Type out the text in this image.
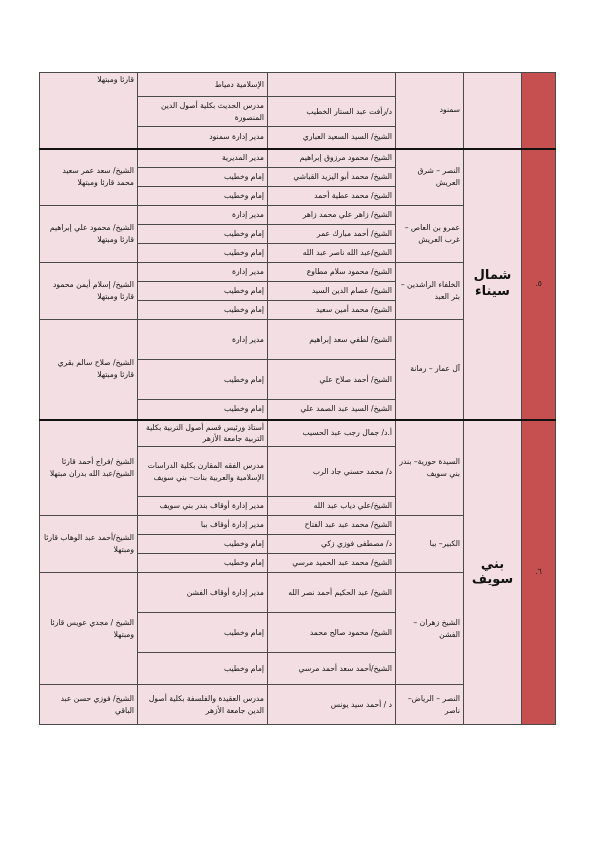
		سمنود		الإسلامية دمياط	قارئا ومبتهلا
			د/رأفت عبد الستار الخطيب	مدرس الحديث بكلية أصول الدين المنصورة	
			الشيخ/ السيد السعيد العباري	مدير إدارة سمنود	
٥.	شمال سيناء	النصر – شرق العريش	الشيخ/ محمود مرزوق إبراهيم	مدير المديرية	الشيخ/ سعد عمر سعيد محمد قارئا ومبتهلا
			الشيخ/ محمد أبو اليزيد القباشي	إمام وخطيب	
			الشيخ/ محمد عطية أحمد	إمام وخطيب	
		عمرو بن العاص – غرب العريش	الشيخ/ زاهر علي محمد زاهر	مدير إدارة	الشيخ/ محمود علي إبراهيم قارئا ومبتهلا
			الشيخ/ أحمد مبارك عمر	إمام وخطيب	
			الشيخ/عبد الله ناصر عبد الله	إمام وخطيب	
		الخلفاء الراشدين – بئر العبد	الشيخ/ محمود سلام مطاوع	مدير إدارة	الشيخ/ إسلام أيمن محمود قارئا ومبتهلا
			الشيخ/ عصام الدين السيد	إمام وخطيب	
			الشيخ/ محمد أمين سعيد	إمام وخطيب	
		آل عمار – رمانة	الشيخ/ لطفي سعد إبراهيم	مدير إدارة	الشيخ/ صلاح سالم بقري قارئا ومبتهلا
			الشيخ/ أحمد صلاح علي	إمام وخطيب	
			الشيخ/ السيد عبد الصمد علي	إمام وخطيب	
٦.	بني سويف	السيدة حورية– بندر بني سويف	أ.د/ جمال رجب عبد الحسيب	أستاذ ورئيس قسم أصول التربية بكلية التربية جامعة الأزهر	الشيخ /فراج أحمد قارئا الشيخ/عبد الله بدران مبتهلا
			د/ محمد حسني جاد الرب	مدرس الفقه المقارن بكلية الدراسات الإسلامية والعربية بنات– بني سويف	
			الشيخ/علي دياب عبد الله	مدير إدارة أوقاف بندر بني سويف	
		الكبير– ببا	الشيخ/ محمد عبد عبد الفتاح	مدير إدارة أوقاف ببا	الشيخ/أحمد عبد الوهاب قارئا ومبتهلا
			د/ مصطفى فوزي زكي	إمام وخطيب	
			الشيخ/ محمد عبد الحميد مرسي	إمام وخطيب	
		الشيخ زهران – الفشن	الشيخ/ عبد الحكيم أحمد نصر الله	مدير إدارة أوقاف الفشن	الشيخ / مجدي عويس قارئا ومبتهلا
			الشيخ/ محمود صالح محمد	إمام وخطيب	
			الشيخ/أحمد سعد أحمد مرسي	إمام وخطيب	
		النصر – الرياض– ناصر	د / أحمد سيد يونس	مدرس العقيدة والفلسفة بكلية أصول الدين جامعة الأزهر	الشيخ/ فوزي حسن عبد الباقي
